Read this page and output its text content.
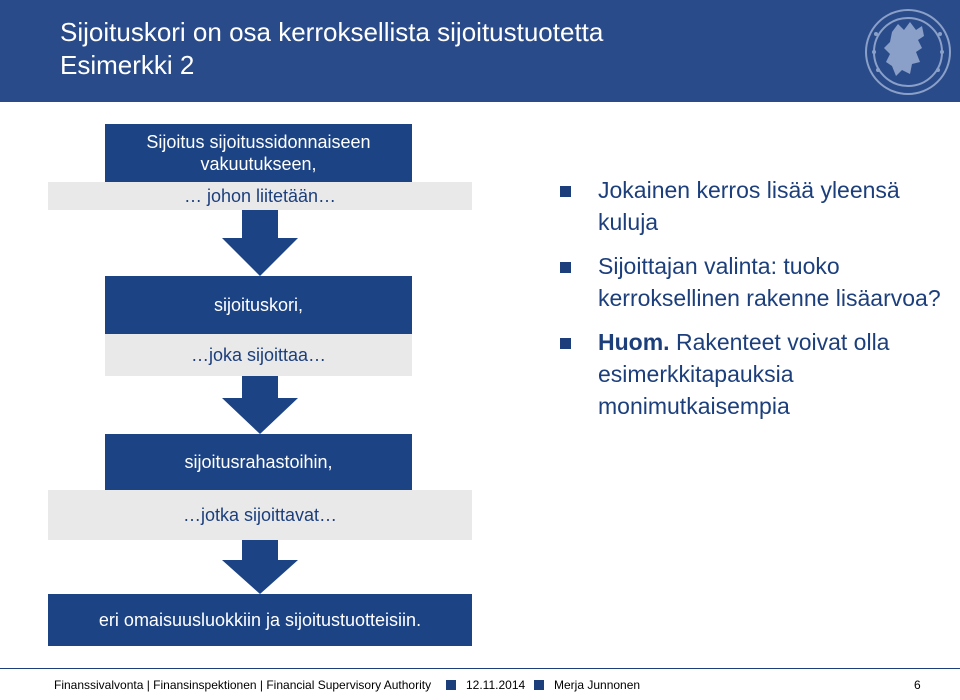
Sijoituskori on osa kerroksellista sijoitustuotetta
Esimerkki 2
Sijoitus sijoitussidonnaiseen
vakuutukseen,
… johon liitetään…
sijoituskori,
…joka sijoittaa…
sijoitusrahastoihin,
…jotka sijoittavat…
eri omaisuusluokkiin ja sijoitustuotteisiin.
Jokainen kerros lisää yleensä kuluja
Sijoittajan valinta: tuoko kerroksellinen rakenne lisäarvoa?
Huom. Rakenteet voivat olla esimerkkitapauksia monimutkaisempia
Finanssivalvonta | Finansinspektionen | Financial Supervisory Authority	12.11.2014 Merja Junnonen	6
